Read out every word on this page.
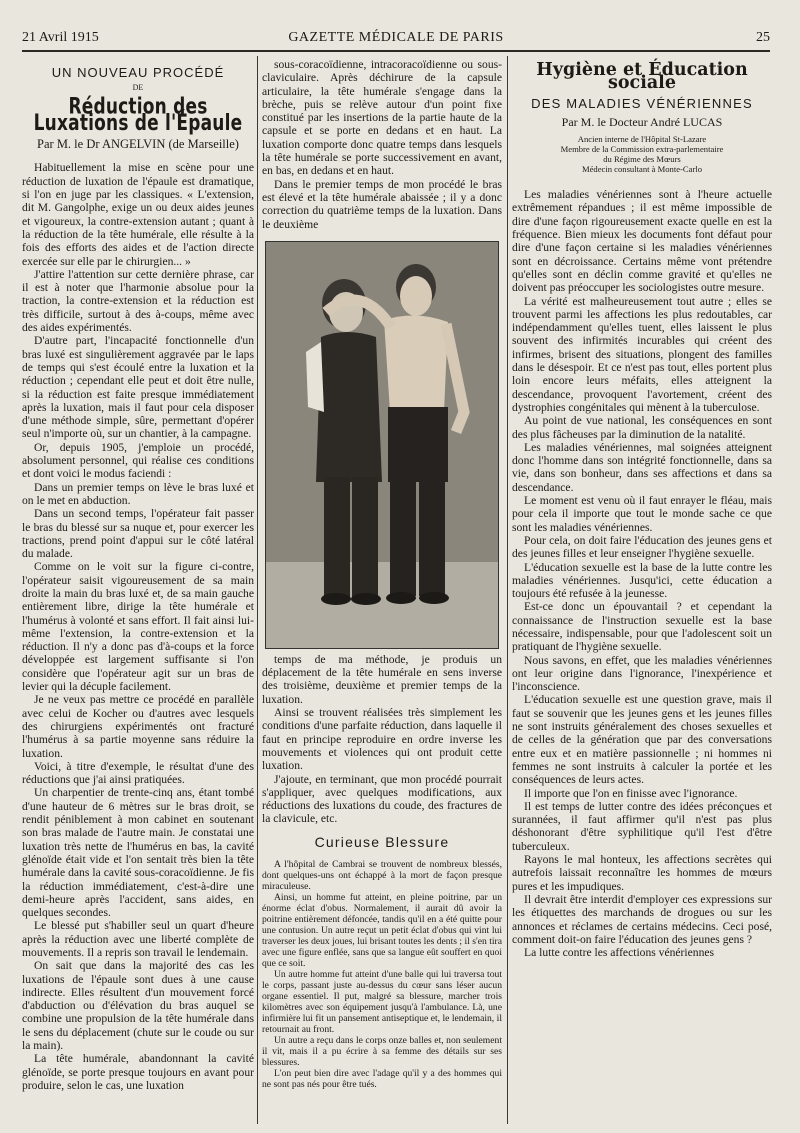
21 Avril 1915	GAZETTE MÉDICALE DE PARIS	25
UN NOUVEAU PROCÉDÉ
DE
Réduction des Luxations de l'Épaule
Par M. le Dr ANGELVIN (de Marseille)

Habituellement la mise en scène pour une réduction de luxation de l'épaule est dramatique, si l'on en juge par les classiques. « L'extension, dit M. Gangolphe, exige un ou deux aides jeunes et vigoureux, la contre-extension autant ; quant à la réduction de la tête humérale, elle résulte à la fois des efforts des aides et de l'action directe exercée sur elle par le chirurgien... »

J'attire l'attention sur cette dernière phrase, car il est à noter que l'harmonie absolue pour la traction, la contre-extension et la réduction est très difficile, surtout à des à-coups, même avec des aides expérimentés.

D'autre part, l'incapacité fonctionnelle d'un bras luxé est singulièrement aggravée par le laps de temps qui s'est écoulé entre la luxation et la réduction ; cependant elle peut et doit être nulle, si la réduction est faite presque immédiatement après la luxation, mais il faut pour cela disposer d'une méthode simple, sûre, permettant d'opérer seul n'importe où, sur un chantier, à la campagne.

Or, depuis 1905, j'emploie un procédé, absolument personnel, qui réalise ces conditions et dont voici le modus faciendi :

Dans un premier temps on lève le bras luxé et on le met en abduction.

Dans un second temps, l'opérateur fait passer le bras du blessé sur sa nuque et, pour exercer les tractions, prend point d'appui sur le côté latéral du malade.

Comme on le voit sur la figure ci-contre, l'opérateur saisit vigoureusement de sa main droite la main du bras luxé et, de sa main gauche entièrement libre, dirige la tête humérale et l'humérus à volonté et sans effort. Il fait ainsi lui-même l'extension, la contre-extension et la réduction. Il n'y a donc pas d'à-coups et la force développée est largement suffisante si l'on considère que l'opérateur agit sur un bras de levier qui la décuple facilement.

Je ne veux pas mettre ce procédé en parallèle avec celui de Kocher ou d'autres avec lesquels des chirurgiens expérimentés ont fracturé l'humérus à sa partie moyenne sans réduire la luxation.

Voici, à titre d'exemple, le résultat d'une des réductions que j'ai ainsi pratiquées.

Un charpentier de trente-cinq ans, étant tombé d'une hauteur de 6 mètres sur le bras droit, se rendit péniblement à mon cabinet en soutenant son bras malade de l'autre main. Je constatai une luxation très nette de l'humérus en bas, la cavité glénoïde était vide et l'on sentait très bien la tête humérale dans la cavité sous-coracoïdienne. Je fis la réduction immédiatement, c'est-à-dire une demi-heure après l'accident, sans aides, en quelques secondes.

Le blessé put s'habiller seul un quart d'heure après la réduction avec une liberté complète de mouvements. Il a repris son travail le lendemain.

On sait que dans la majorité des cas les luxations de l'épaule sont dues à une cause indirecte. Elles résultent d'un mouvement forcé d'abduction ou d'élévation du bras auquel se combine une propulsion de la tête humérale dans le sens du déplacement (chute sur le coude ou sur la main).

La tête humérale, abandonnant la cavité glénoïde, se porte presque toujours en avant pour produire, selon le cas, une luxation

sous-coracoïdienne, intracoracoïdienne ou sous-claviculaire. Après déchirure de la capsule articulaire, la tête humérale s'engage dans la brèche, puis se relève autour d'un point fixe constitué par les insertions de la partie haute de la capsule et se porte en dedans et en haut. La luxation comporte donc quatre temps dans lesquels la tête humérale se porte successivement en avant, en bas, en dedans et en haut.

Dans le premier temps de mon procédé le bras est élevé et la tête humérale abaissée ; il y a donc correction du quatrième temps de la luxation. Dans le deuxième

temps de ma méthode, je produis un déplacement de la tête humérale en sens inverse des troisième, deuxième et premier temps de la luxation.

Ainsi se trouvent réalisées très simplement les conditions d'une parfaite réduction, dans laquelle il faut en principe reproduire en ordre inverse les mouvements et violences qui ont produit cette luxation.

J'ajoute, en terminant, que mon procédé pourrait s'appliquer, avec quelques modifications, aux réductions des luxations du coude, des fractures de la clavicule, etc.

Curieuse Blessure

A l'hôpital de Cambrai se trouvent de nombreux blessés, dont quelques-uns ont échappé à la mort de façon presque miraculeuse.

Ainsi, un homme fut atteint, en pleine poitrine, par un énorme éclat d'obus. Normalement, il aurait dû avoir la poitrine entièrement défoncée, tandis qu'il en a été quitte pour une contusion. Un autre reçut un petit éclat d'obus qui vint lui traverser les deux joues, lui brisant toutes les dents ; il s'en tira avec une figure enflée, sans que sa langue eût souffert en quoi que ce soit.

Un autre homme fut atteint d'une balle qui lui traversa tout le corps, passant juste au-dessus du cœur sans léser aucun organe essentiel. Il put, malgré sa blessure, marcher trois kilomètres avec son équipement jusqu'à l'ambulance. Là, une infirmière lui fit un pansement antiseptique et, le lendemain, il retournait au front.

Un autre a reçu dans le corps onze balles et, non seulement il vit, mais il a pu écrire à sa femme des détails sur ses blessures.

L'on peut bien dire avec l'adage qu'il y a des hommes qui ne sont pas nés pour être tués.

Hygiène et Éducation sociale
DES MALADIES VÉNÉRIENNES
Par M. le Docteur André LUCAS
Ancien interne de l'Hôpital St-Lazare
Membre de la Commission extra-parlementaire
du Régime des Mœurs
Médecin consultant à Monte-Carlo

Les maladies vénériennes sont à l'heure actuelle extrêmement répandues ; il est même impossible de dire d'une façon rigoureusement exacte quelle en est la fréquence. Bien mieux les documents font défaut pour dire d'une façon certaine si les maladies vénériennes sont en décroissance. Certains même vont prétendre qu'elles sont en déclin comme gravité et qu'elles ne doivent pas préoccuper les sociologistes outre mesure.

La vérité est malheureusement tout autre ; elles se trouvent parmi les affections les plus redoutables, car indépendamment qu'elles tuent, elles laissent le plus souvent des infirmités incurables qui créent des infirmes, brisent des situations, plongent des familles dans le désespoir. Et ce n'est pas tout, elles portent plus loin encore leurs méfaits, elles atteignent la descendance, provoquent l'avortement, créent des dystrophies congénitales qui mènent à la tuberculose.

Au point de vue national, les conséquences en sont des plus fâcheuses par la diminution de la natalité.

Les maladies vénériennes, mal soignées atteignent donc l'homme dans son intégrité fonctionnelle, dans sa vie, dans son bonheur, dans ses affections et dans sa descendance.

Le moment est venu où il faut enrayer le fléau, mais pour cela il importe que tout le monde sache ce que sont les maladies vénériennes.

Pour cela, on doit faire l'éducation des jeunes gens et des jeunes filles et leur enseigner l'hygiène sexuelle.

L'éducation sexuelle est la base de la lutte contre les maladies vénériennes. Jusqu'ici, cette éducation a toujours été refusée à la jeunesse.

Est-ce donc un épouvantail ? et cependant la connaissance de l'instruction sexuelle est la base nécessaire, indispensable, pour que l'adolescent soit un pratiquant de l'hygiène sexuelle.

Nous savons, en effet, que les maladies vénériennes ont leur origine dans l'ignorance, l'inexpérience et l'inconscience.

L'éducation sexuelle est une question grave, mais il faut se souvenir que les jeunes gens et les jeunes filles ne sont instruits généralement des choses sexuelles et de celles de la génération que par des conversations entre eux et en matière passionnelle ; ni hommes ni femmes ne sont instruits à calculer la portée et les conséquences de leurs actes.

Il importe que l'on en finisse avec l'ignorance.

Il est temps de lutter contre des idées préconçues et surannées, il faut affirmer qu'il n'est pas plus déshonorant d'être syphilitique qu'il l'est d'être tuberculeux.

Rayons le mal honteux, les affections secrètes qui autrefois laissait reconnaître les hommes de mœurs pures et les impudiques.

Il devrait être interdit d'employer ces expressions sur les étiquettes des marchands de drogues ou sur les annonces et réclames de certains médecins. Ceci posé, comment doit-on faire l'éducation des jeunes gens ?

La lutte contre les affections vénériennes
